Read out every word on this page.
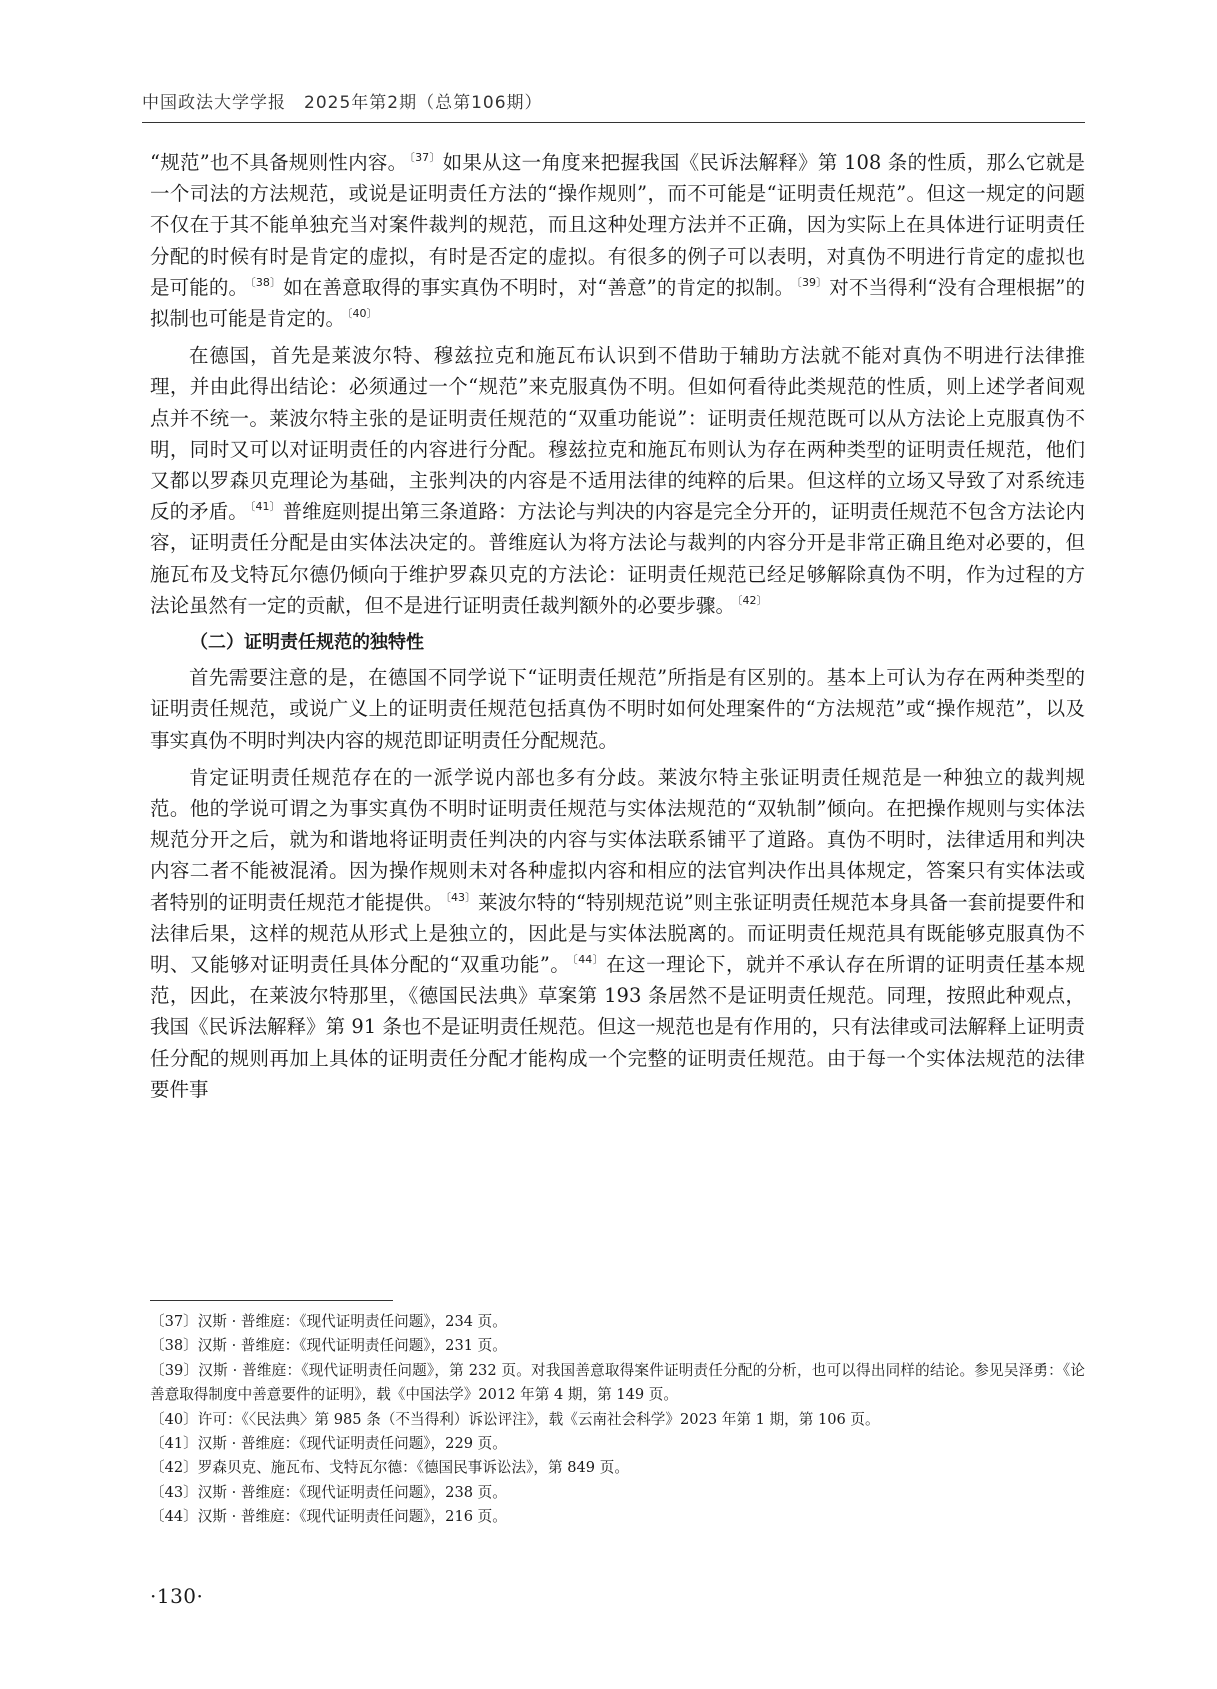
中国政法大学学报　2025年第2期（总第106期）

“规范”也不具备规则性内容。 $^{〔37〕}$ 如果从这一角度来把握我国《民诉法解释》第 108 条的性质，那么它就是一个司法的方法规范，或说是证明责任方法的“操作规则”，而不可能是“证明责任规范”。但这一规定的问题不仅在于其不能单独充当对案件裁判的规范，而且这种处理方法并不正确，因为实际上在具体进行证明责任分配的时候有时是肯定的虚拟，有时是否定的虚拟。有很多的例子可以表明，对真伪不明进行肯定的虚拟也是可能的。 $^{〔38〕}$ 如在善意取得的事实真伪不明时，对“善意”的肯定的拟制。 $^{〔39〕}$ 对不当得利“没有合理根据”的拟制也可能是肯定的。 $^{〔40〕}$

在德国，首先是莱波尔特、穆兹拉克和施瓦布认识到不借助于辅助方法就不能对真伪不明进行法律推理，并由此得出结论：必须通过一个“规范”来克服真伪不明。但如何看待此类规范的性质，则上述学者间观点并不统一。莱波尔特主张的是证明责任规范的“双重功能说”：证明责任规范既可以从方法论上克服真伪不明，同时又可以对证明责任的内容进行分配。穆兹拉克和施瓦布则认为存在两种类型的证明责任规范，他们又都以罗森贝克理论为基础，主张判决的内容是不适用法律的纯粹的后果。但这样的立场又导致了对系统违反的矛盾。 $^{〔41〕}$ 普维庭则提出第三条道路：方法论与判决的内容是完全分开的，证明责任规范不包含方法论内容，证明责任分配是由实体法决定的。普维庭认为将方法论与裁判的内容分开是非常正确且绝对必要的，但施瓦布及戈特瓦尔德仍倾向于维护罗森贝克的方法论：证明责任规范已经足够解除真伪不明，作为过程的方法论虽然有一定的贡献，但不是进行证明责任裁判额外的必要步骤。 $^{〔42〕}$

（二）证明责任规范的独特性

首先需要注意的是，在德国不同学说下“证明责任规范”所指是有区别的。基本上可认为存在两种类型的证明责任规范，或说广义上的证明责任规范包括真伪不明时如何处理案件的“方法规范”或“操作规范”，以及事实真伪不明时判决内容的规范即证明责任分配规范。

肯定证明责任规范存在的一派学说内部也多有分歧。莱波尔特主张证明责任规范是一种独立的裁判规范。他的学说可谓之为事实真伪不明时证明责任规范与实体法规范的“双轨制”倾向。在把操作规则与实体法规范分开之后，就为和谐地将证明责任判决的内容与实体法联系铺平了道路。真伪不明时，法律适用和判决内容二者不能被混淆。因为操作规则未对各种虚拟内容和相应的法官判决作出具体规定，答案只有实体法或者特别的证明责任规范才能提供。 $^{〔43〕}$ 莱波尔特的“特别规范说”则主张证明责任规范本身具备一套前提要件和法律后果，这样的规范从形式上是独立的，因此是与实体法脱离的。而证明责任规范具有既能够克服真伪不明、又能够对证明责任具体分配的“双重功能”。 $^{〔44〕}$ 在这一理论下，就并不承认存在所谓的证明责任基本规范，因此，在莱波尔特那里，《德国民法典》草案第 193 条居然不是证明责任规范。同理，按照此种观点，我国《民诉法解释》第 91 条也不是证明责任规范。但这一规范也是有作用的，只有法律或司法解释上证明责任分配的规则再加上具体的证明责任分配才能构成一个完整的证明责任规范。由于每一个实体法规范的法律要件事

〔37〕汉斯 · 普维庭：《现代证明责任问题》，234 页。

〔38〕汉斯 · 普维庭：《现代证明责任问题》，231 页。

〔39〕汉斯 · 普维庭：《现代证明责任问题》，第 232 页。对我国善意取得案件证明责任分配的分析，也可以得出同样的结论。参见吴泽勇：《论善意取得制度中善意要件的证明》，载《中国法学》2012 年第 4 期，第 149 页。

〔40〕许可：《〈民法典〉第 985 条（不当得利）诉讼评注》，载《云南社会科学》2023 年第 1 期，第 106 页。

〔41〕汉斯 · 普维庭：《现代证明责任问题》，229 页。

〔42〕罗森贝克、施瓦布、戈特瓦尔德：《德国民事诉讼法》，第 849 页。

〔43〕汉斯 · 普维庭：《现代证明责任问题》，238 页。

〔44〕汉斯 · 普维庭：《现代证明责任问题》，216 页。

·130·
